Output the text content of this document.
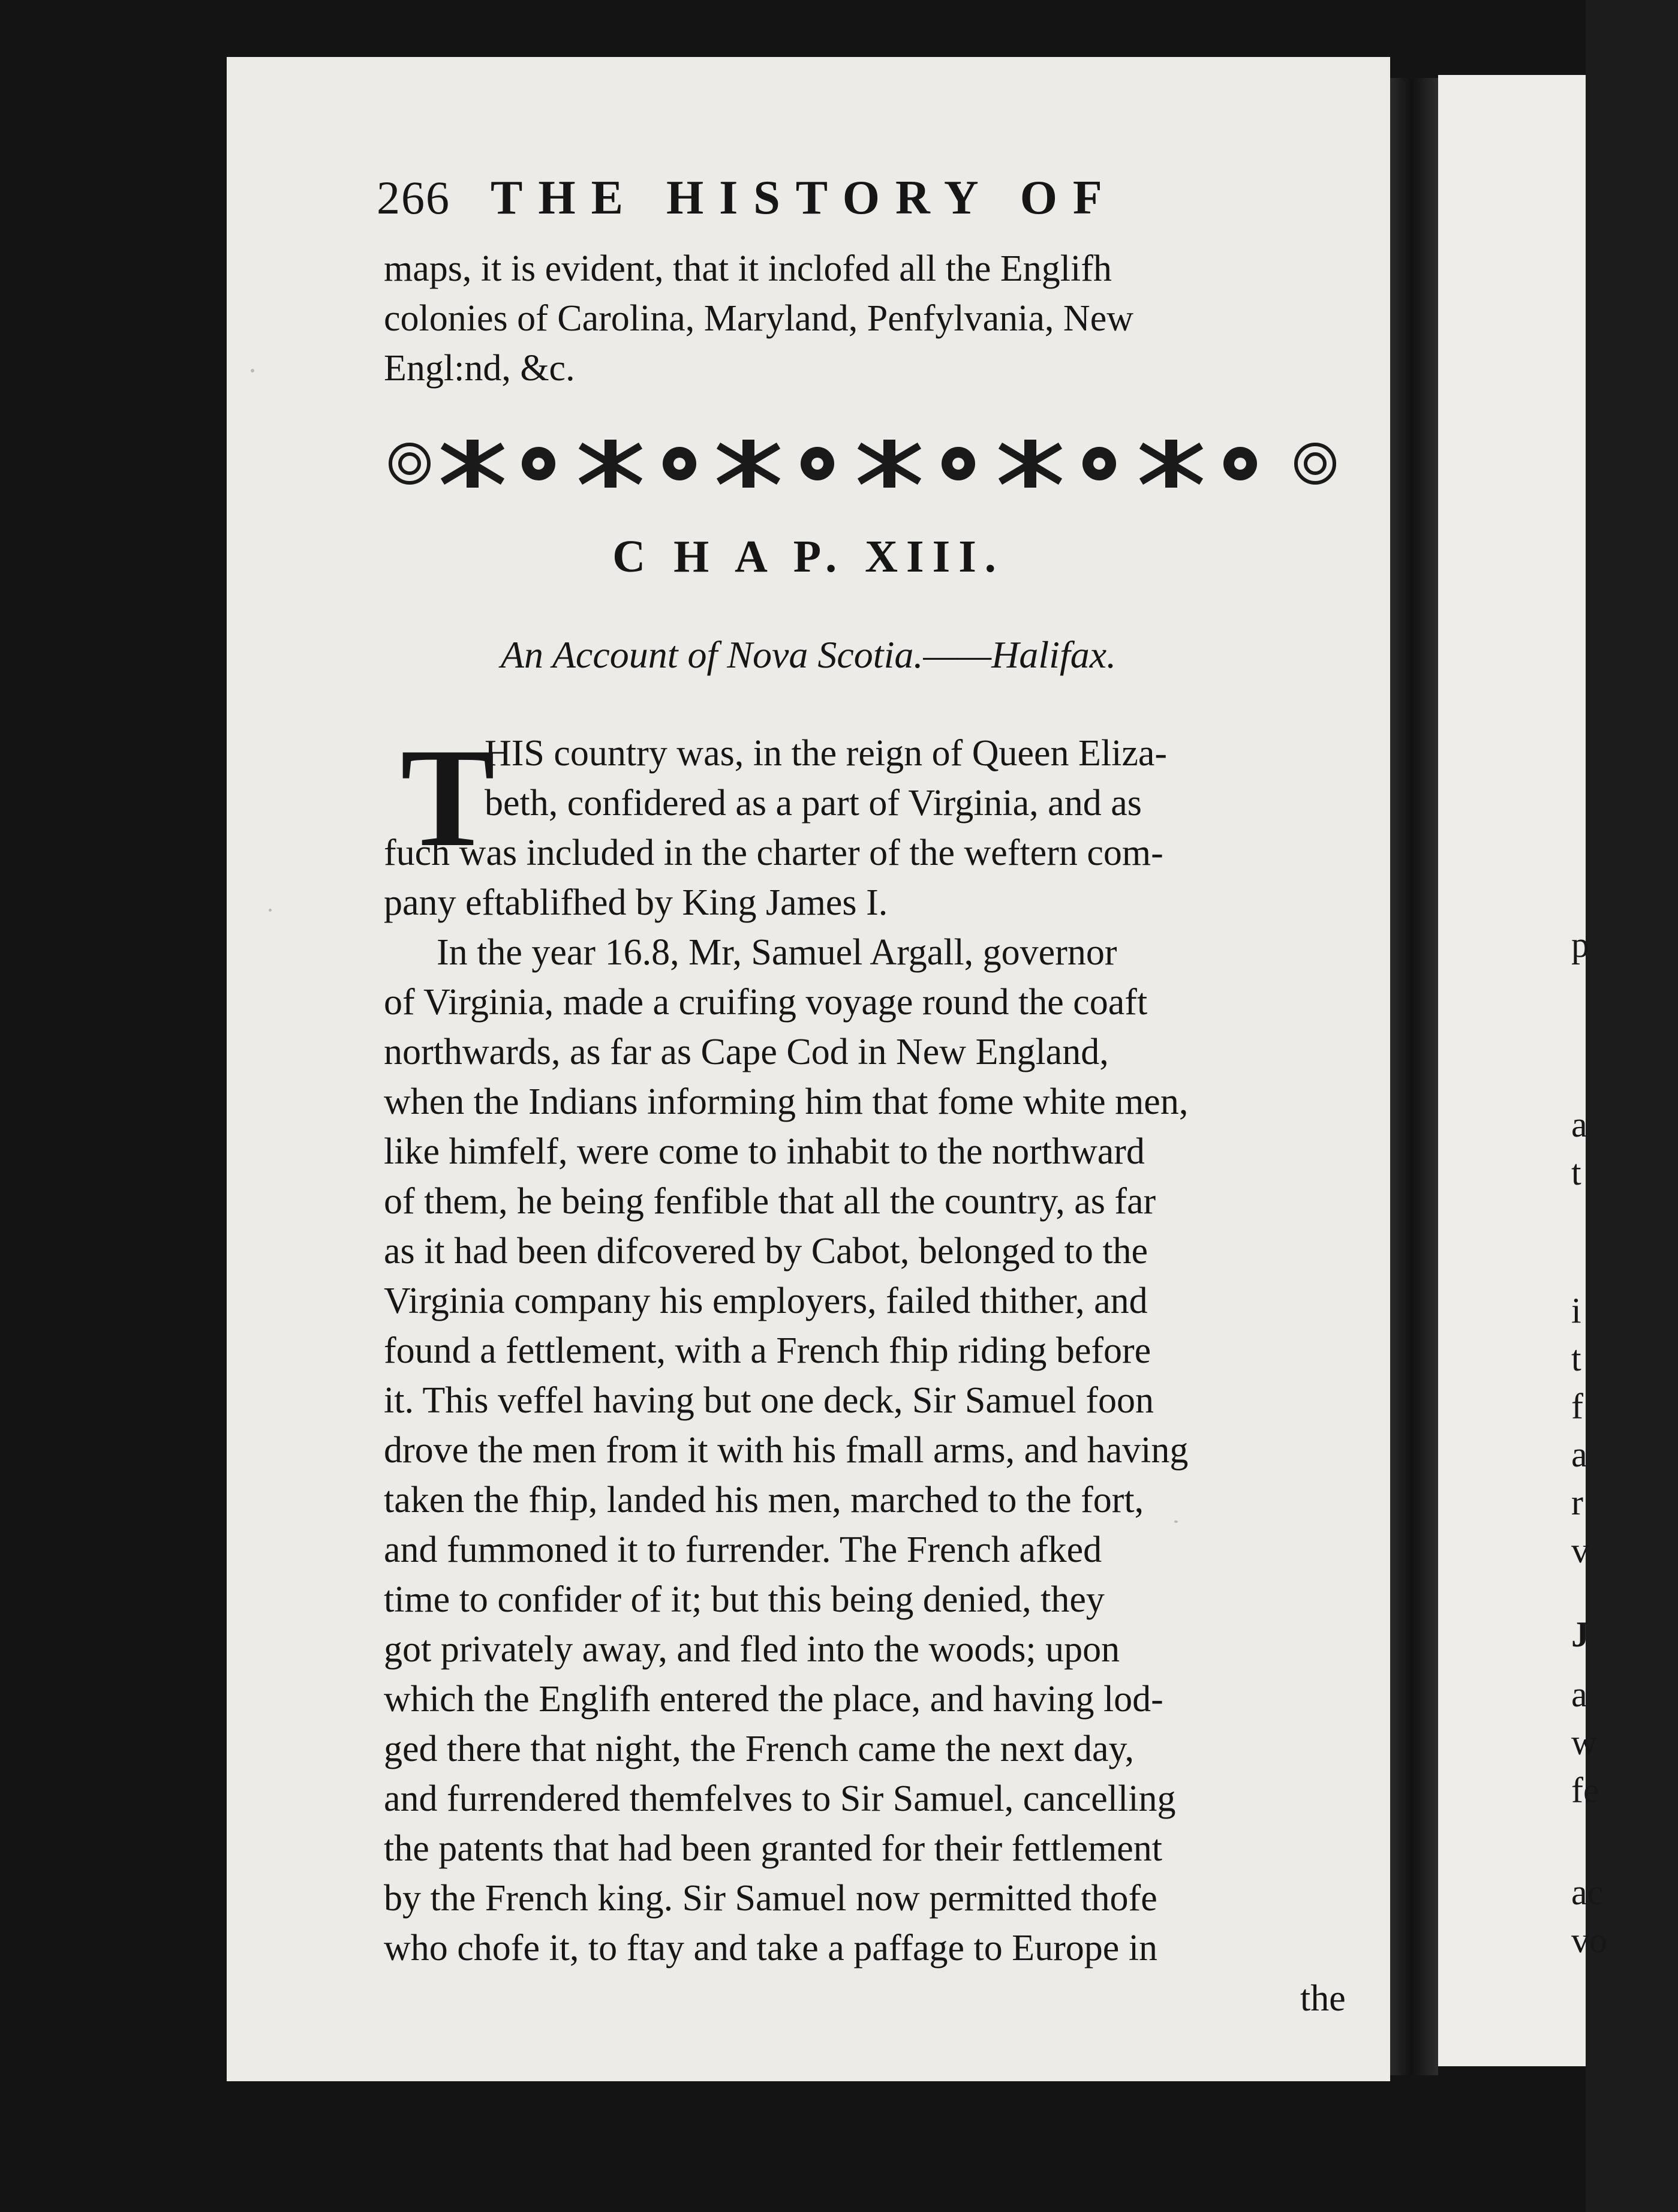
266 THE HISTORY OF
maps, it is evident, that it inclofed all the Englifh
colonies of Carolina, Maryland, Penfylvania, New
Engl:nd, &c.
C H A P. XIII.
An Account of Nova Scotia.——Halifax.
T
HIS country was, in the reign of Queen Eliza-
beth, confidered as a part of Virginia, and as
fuch was included in the charter of the weftern com-
pany eftablifhed by King James I.
In the year 16.8, Mr, Samuel Argall, governor
of Virginia, made a cruifing voyage round the coaft
northwards, as far as Cape Cod in New England,
when the Indians informing him that fome white men,
like himfelf, were come to inhabit to the northward
of them, he being fenfible that all the country, as far
as it had been difcovered by Cabot, belonged to the
Virginia company his employers, failed thither, and
found a fettlement, with a French fhip riding before
it. This veffel having but one deck, Sir Samuel foon
drove the men from it with his fmall arms, and having
taken the fhip, landed his men, marched to the fort,
and fummoned it to furrender. The French afked
time to confider of it; but this being denied, they
got privately away, and fled into the woods; upon
which the Englifh entered the place, and having lod-
ged there that night, the French came the next day,
and furrendered themfelves to Sir Samuel, cancelling
the patents that had been granted for their fettlement
by the French king. Sir Samuel now permitted thofe
who chofe it, to ftay and take a paffage to Europe in
the
p
a
t
i
t
f
a
r
v
J
a
w
fe
ac
vo
